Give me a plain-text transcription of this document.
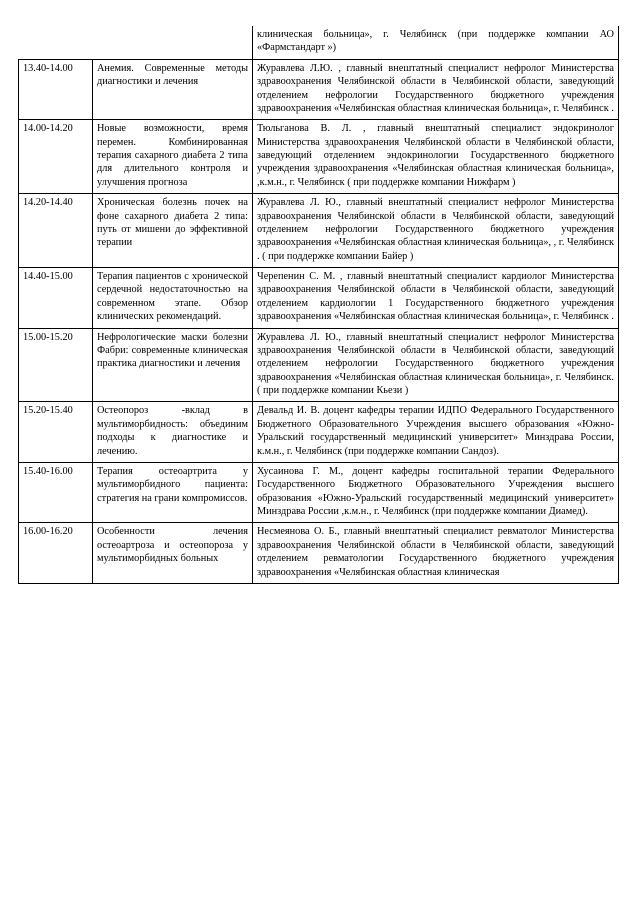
		клиническая больница», г. Челябинск (при поддержке компании АО «Фармстандарт »)
13.40-14.00	Анемия. Современные методы диагностики и лечения	Журавлева Л.Ю. , главный внештатный специалист нефролог Министерства здравоохранения Челябинской области в Челябинской области, заведующий отделением нефрологии Государственного бюджетного учреждения здравоохранения «Челябинская областная клиническая больница», г. Челябинск .
14.00-14.20	Новые возможности, время перемен. Комбинированная терапия сахарного диабета 2 типа для длительного контроля и улучшения прогноза	Тюльганова В. Л. , главный внештатный специалист эндокринолог Министерства здравоохранения Челябинской области в Челябинской области, заведующий отделением эндокринологии Государственного бюджетного учреждения здравоохранения «Челябинская областная клиническая больница», ,к.м.н., г. Челябинск ( при поддержке компании Нижфарм )
14.20-14.40	Хроническая болезнь почек на фоне сахарного диабета 2 типа: путь от мишени до эффективной терапии	Журавлева Л. Ю., главный внештатный специалист нефролог Министерства здравоохранения Челябинской области в Челябинской области, заведующий отделением нефрологии Государственного бюджетного учреждения здравоохранения «Челябинская областная клиническая больница», , г. Челябинск . ( при поддержке компании Байер )
14.40-15.00	Терапия пациентов с хронической сердечной недостаточностью на современном этапе. Обзор клинических рекомендаций.	Черепенин С. М. , главный внештатный специалист кардиолог Министерства здравоохранения Челябинской области в Челябинской области, заведующий отделением кардиологии 1 Государственного бюджетного учреждения здравоохранения «Челябинская областная клиническая больница», г. Челябинск .
15.00-15.20	Нефрологические маски болезни Фабри: современные клиническая практика диагностики и лечения	Журавлева Л. Ю., главный внештатный специалист нефролог Министерства здравоохранения Челябинской области в Челябинской области, заведующий отделением нефрологии Государственного бюджетного учреждения здравоохранения «Челябинская областная клиническая больница», г. Челябинск. ( при поддержке компании Кьези )
15.20-15.40	Остеопороз -вклад в мультиморбидность: объединим подходы к диагностике и лечению.	Девальд И. В. доцент кафедры терапии ИДПО Федерального Государственного Бюджетного Образовательного Учреждения высшего образования «Южно-Уральский государственный медицинский университет» Минздрава России, к.м.н., г. Челябинск (при поддержке компании Сандоз).
15.40-16.00	Терапия остеоартрита у мультиморбидного пациента: стратегия на грани компромиссов.	Хусаинова Г. М., доцент кафедры госпитальной терапии Федерального Государственного Бюджетного Образовательного Учреждения высшего образования «Южно-Уральский государственный медицинский университет» Минздрава России ,к.м.н., г. Челябинск (при поддержке компании Диамед).
16.00-16.20	Особенности лечения остеоартроза и остеопороза у мультиморбидных больных	Несмеянова О. Б., главный внештатный специалист ревматолог Министерства здравоохранения Челябинской области в Челябинской области, заведующий отделением ревматологии Государственного бюджетного учреждения здравоохранения «Челябинская областная клиническая
